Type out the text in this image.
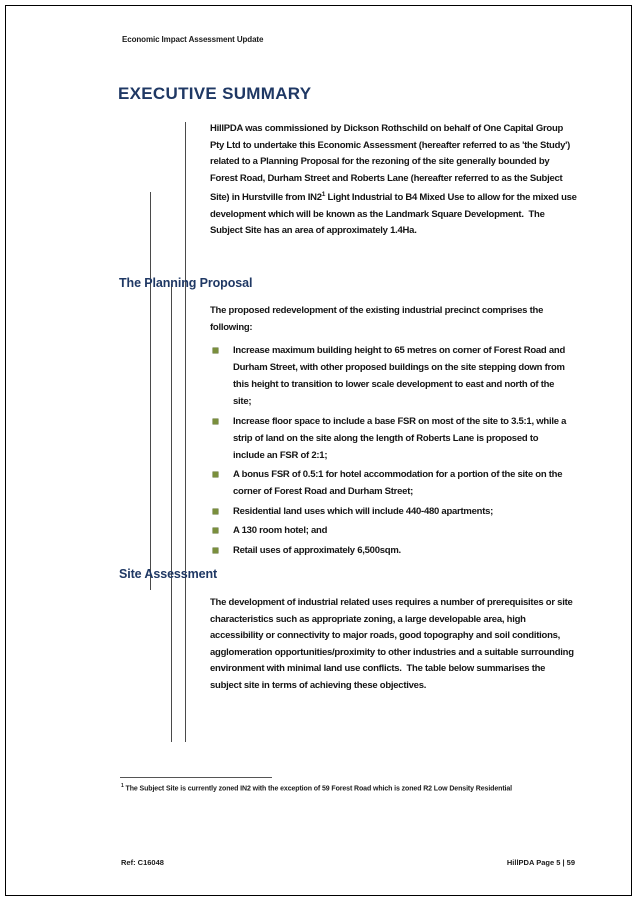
Economic Impact Assessment Update
EXECUTIVE SUMMARY

HillPDA was commissioned by Dickson Rothschild on behalf of One Capital Group Pty Ltd to undertake this Economic Assessment (hereafter referred to as 'the Study') related to a Planning Proposal for the rezoning of the site generally bounded by Forest Road, Durham Street and Roberts Lane (hereafter referred to as the Subject Site) in Hurstville from $IN2^1$ Light Industrial to B4 Mixed Use to allow for the mixed use development which will be known as the Landmark Square Development.  The Subject Site has an area of approximately 1.4Ha.

The Planning Proposal

The proposed redevelopment of the existing industrial precinct comprises the following:

Increase maximum building height to 65 metres on corner of Forest Road and Durham Street, with other proposed buildings on the site stepping down from this height to transition to lower scale development to east and north of the site;
Increase floor space to include a base FSR on most of the site to 3.5:1, while a strip of land on the site along the length of Roberts Lane is proposed to include an FSR of 2:1;
A bonus FSR of 0.5:1 for hotel accommodation for a portion of the site on the corner of Forest Road and Durham Street;
Residential land uses which will include 440-480 apartments;
A 130 room hotel; and
Retail uses of approximately 6,500sqm.
Site Assessment

The development of industrial related uses requires a number of prerequisites or site characteristics such as appropriate zoning, a large developable area, high accessibility or connectivity to major roads, good topography and soil conditions, agglomeration opportunities/proximity to other industries and a suitable surrounding environment with minimal land use conflicts.  The table below summarises the subject site in terms of achieving these objectives.

$^1$ The Subject Site is currently zoned IN2 with the exception of 59 Forest Road which is zoned R2 Low Density Residential

Ref: C16048	HillPDA Page 5 | 59
